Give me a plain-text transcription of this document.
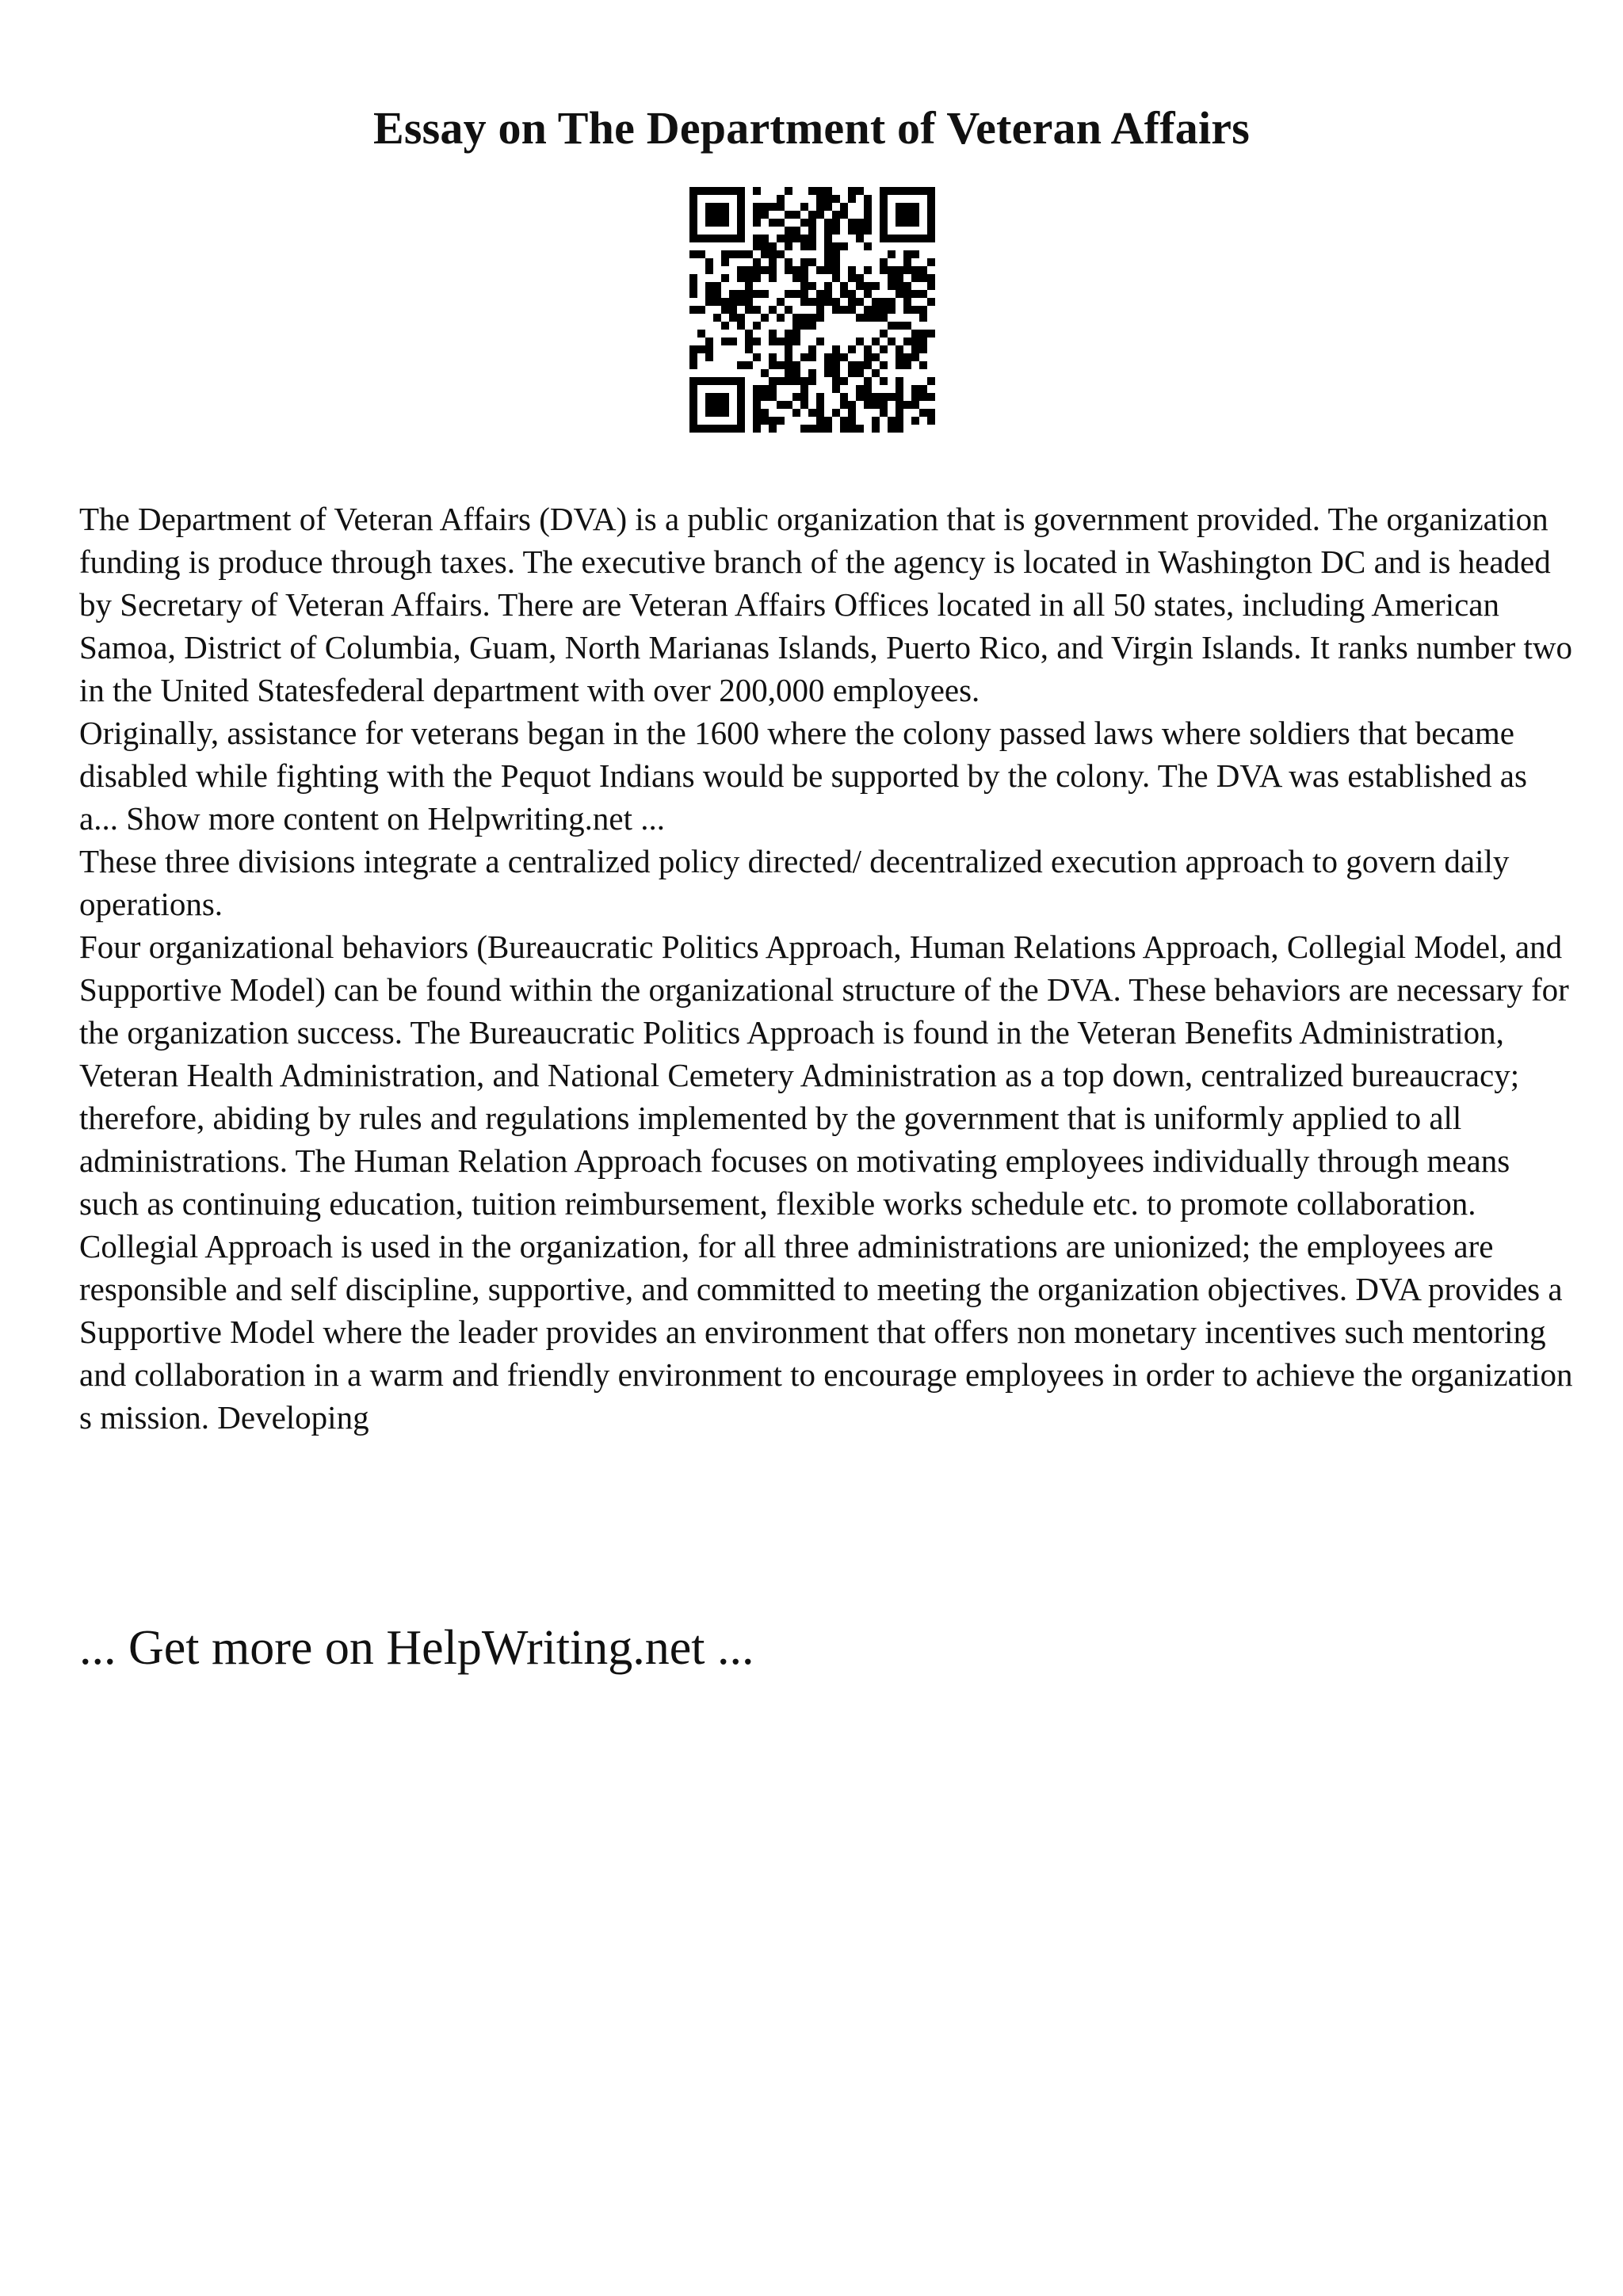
Essay on The Department of Veteran Affairs

The Department of Veteran Affairs (DVA) is a public organization that is government provided. The organization funding is produce through taxes. The executive branch of the agency is located in Washington DC and is headed by Secretary of Veteran Affairs. There are Veteran Affairs Offices located in all 50 states, including American Samoa, District of Columbia, Guam, North Marianas Islands, Puerto Rico, and Virgin Islands. It ranks number two in the United Statesfederal department with over 200,000 employees.

Originally, assistance for veterans began in the 1600 where the colony passed laws where soldiers that became disabled while fighting with the Pequot Indians would be supported by the colony. The DVA was established as a... Show more content on Helpwriting.net ...

These three divisions integrate a centralized policy directed/ decentralized execution approach to govern daily operations.

Four organizational behaviors (Bureaucratic Politics Approach, Human Relations Approach, Collegial Model, and Supportive Model) can be found within the organizational structure of the DVA. These behaviors are necessary for the organization success. The Bureaucratic Politics Approach is found in the Veteran Benefits Administration, Veteran Health Administration, and National Cemetery Administration as a top down, centralized bureaucracy; therefore, abiding by rules and regulations implemented by the government that is uniformly applied to all administrations. The Human Relation Approach focuses on motivating employees individually through means such as continuing education, tuition reimbursement, flexible works schedule etc. to promote collaboration. Collegial Approach is used in the organization, for all three administrations are unionized; the employees are responsible and self discipline, supportive, and committed to meeting the organization objectives. DVA provides a Supportive Model where the leader provides an environment that offers non monetary incentives such mentoring and collaboration in a warm and friendly environment to encourage employees in order to achieve the organization s mission. Developing

... Get more on HelpWriting.net ...
